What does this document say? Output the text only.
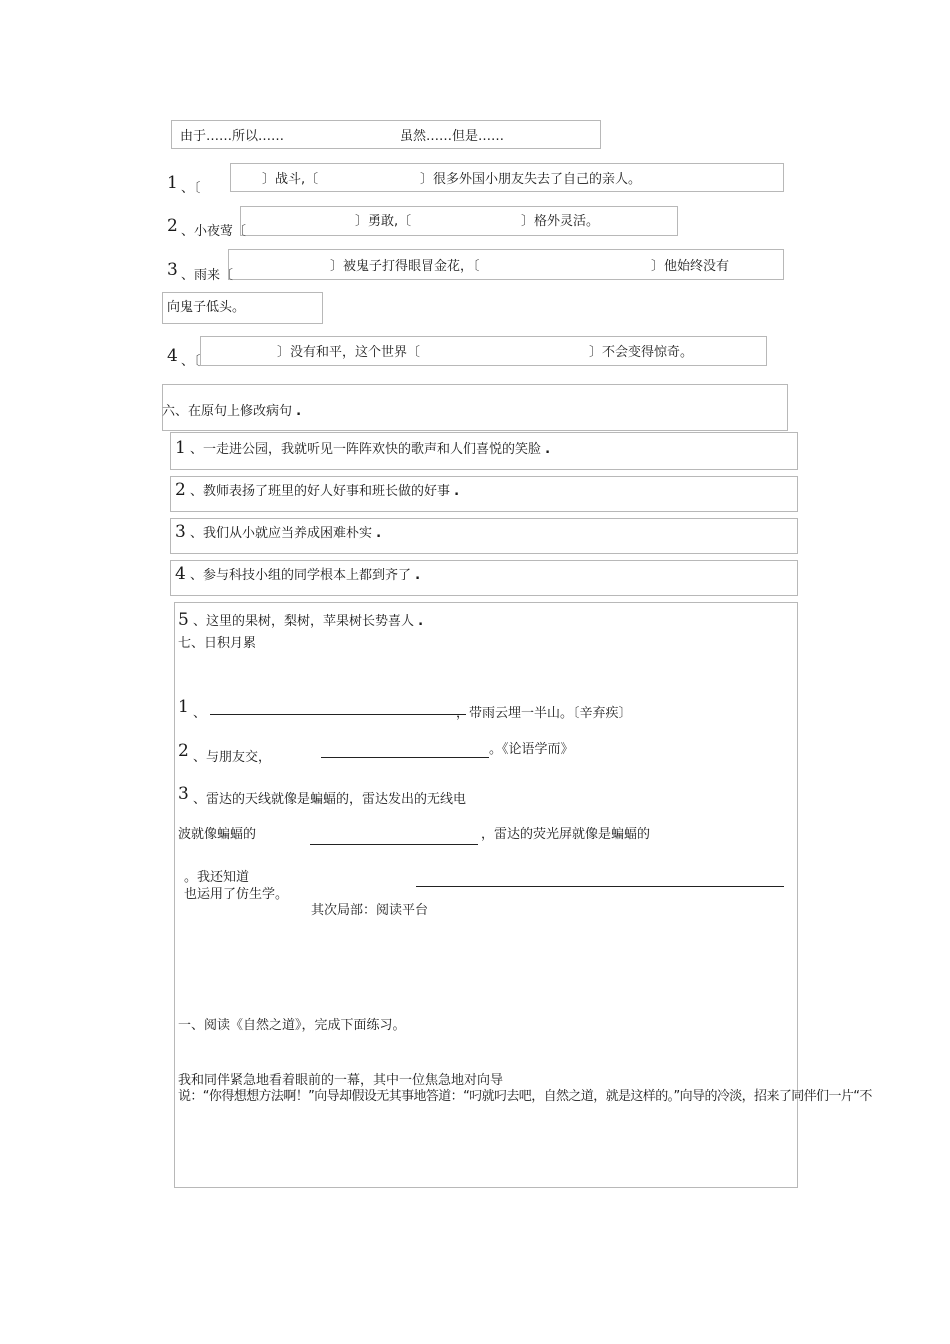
由于……所以……	虽然……但是……
1 、〔
〕战斗,〔	〕很多外国小朋友失去了自己的亲人。
2 、小夜莺〔
〕勇敢,〔	〕格外灵活。
3 、雨来〔
〕被鬼子打得眼冒金花，〔	〕他始终没有
向鬼子低头。
4 、〔
〕没有和平，这个世界〔	〕不会变得惊奇。
六、在原句上修改病句 .
1 、一走进公园，我就听见一阵阵欢快的歌声和人们喜悦的笑脸 .
2 、教师表扬了班里的好人好事和班长做的好事 .
3 、我们从小就应当养成困难朴实 .
4 、参与科技小组的同学根本上都到齐了 .
5 、这里的果树，梨树，苹果树长势喜人 .
七、日积月累
1 、	，带雨云埋一半山。〔辛弃疾〕
2 、与朋友交，
。《论语学而》
3 、雷达的天线就像是蝙蝠的，雷达发出的无线电
波就像蝙蝠的	，雷达的荧光屏就像是蝙蝠的
。我还知道
也运用了仿生学。
其次局部：阅读平台
一、阅读《自然之道》，完成下面练习。
我和同伴紧急地看着眼前的一幕，其中一位焦急地对向导
说：“你得想想方法啊！”向导却假设无其事地答道：“叼就叼去吧，自然之道，就是这样的。”向导的冷淡，招来了同伴们一片“不
